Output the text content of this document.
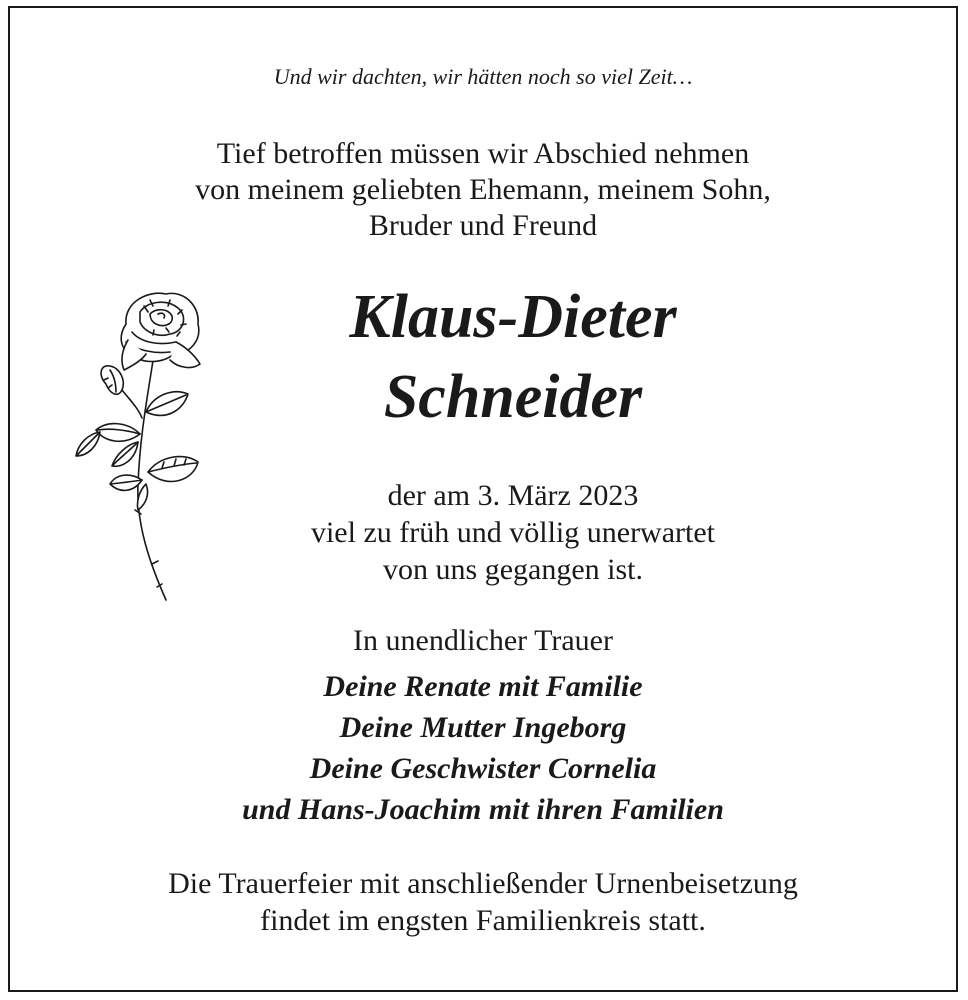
Und wir dachten, wir hätten noch so viel Zeit…
Tief betroffen müssen wir Abschied nehmen
von meinem geliebten Ehemann, meinem Sohn,
Bruder und Freund
Klaus-Dieter
Schneider
der am 3. März 2023
viel zu früh und völlig unerwartet
von uns gegangen ist.
In unendlicher Trauer
Deine Renate mit Familie
Deine Mutter Ingeborg
Deine Geschwister Cornelia
und Hans-Joachim mit ihren Familien
Die Trauerfeier mit anschließender Urnenbeisetzung
findet im engsten Familienkreis statt.
